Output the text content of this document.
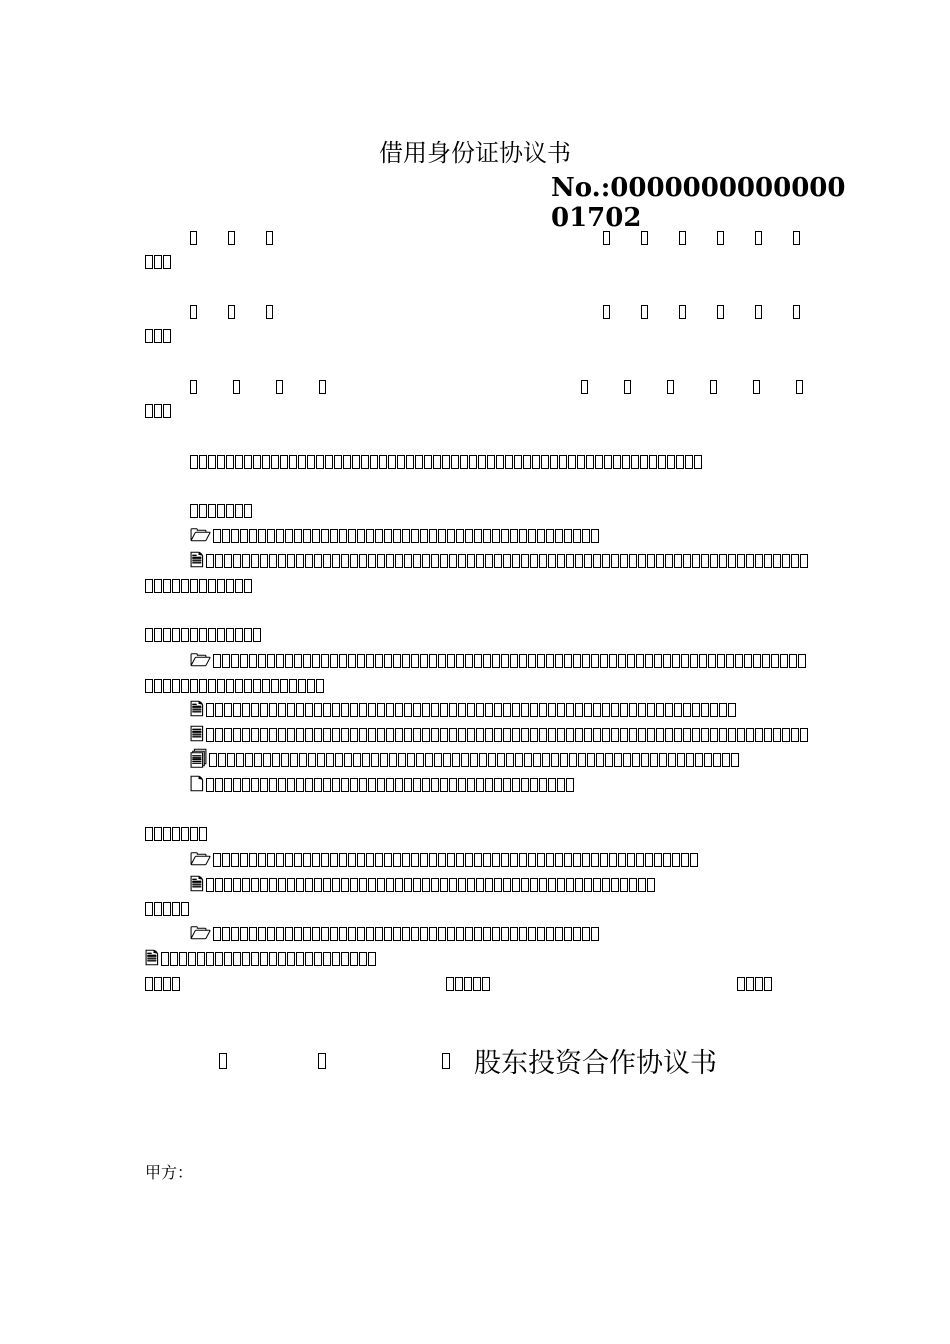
借用身份证协议书
No.:000000000000001702
🗁
🗎
🗁
🗎
🗏
🗐
🗋
🗁
🗎
🗁
🗎
股东投资合作协议书
甲方：
